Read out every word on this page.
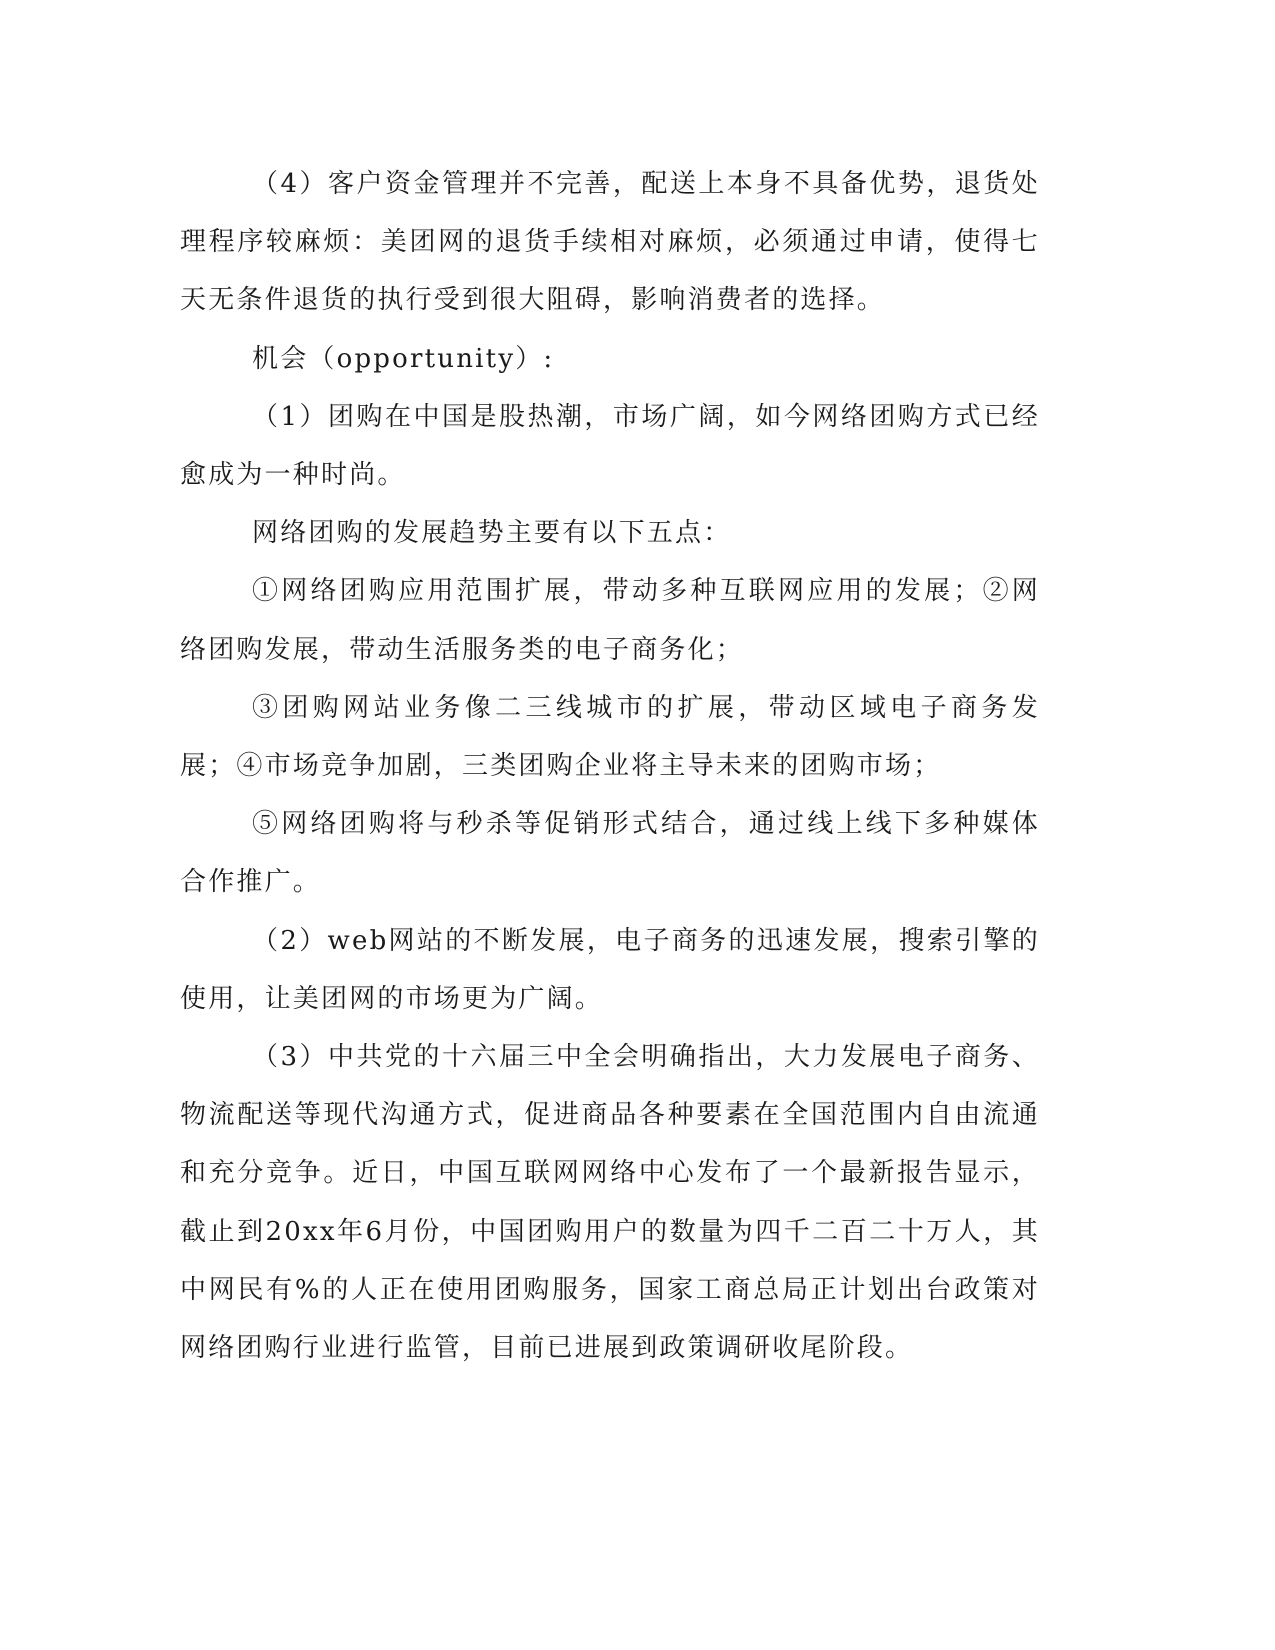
（4）客户资金管理并不完善，配送上本身不具备优势，退货处理程序较麻烦：美团网的退货手续相对麻烦，必须通过申请，使得七天无条件退货的执行受到很大阻碍，影响消费者的选择。

机会（opportunity）:

（1）团购在中国是股热潮，市场广阔，如今网络团购方式已经愈成为一种时尚。

网络团购的发展趋势主要有以下五点：

①网络团购应用范围扩展，带动多种互联网应用的发展；②网络团购发展，带动生活服务类的电子商务化；

③团购网站业务像二三线城市的扩展，带动区域电子商务发展；④市场竞争加剧，三类团购企业将主导未来的团购市场；

⑤网络团购将与秒杀等促销形式结合，通过线上线下多种媒体合作推广。

（2）web网站的不断发展，电子商务的迅速发展，搜索引擎的使用，让美团网的市场更为广阔。

（3）中共党的十六届三中全会明确指出，大力发展电子商务、物流配送等现代沟通方式，促进商品各种要素在全国范围内自由流通和充分竞争。近日，中国互联网网络中心发布了一个最新报告显示，截止到20xx年6月份，中国团购用户的数量为四千二百二十万人，其中网民有%的人正在使用团购服务，国家工商总局正计划出台政策对网络团购行业进行监管，目前已进展到政策调研收尾阶段。
